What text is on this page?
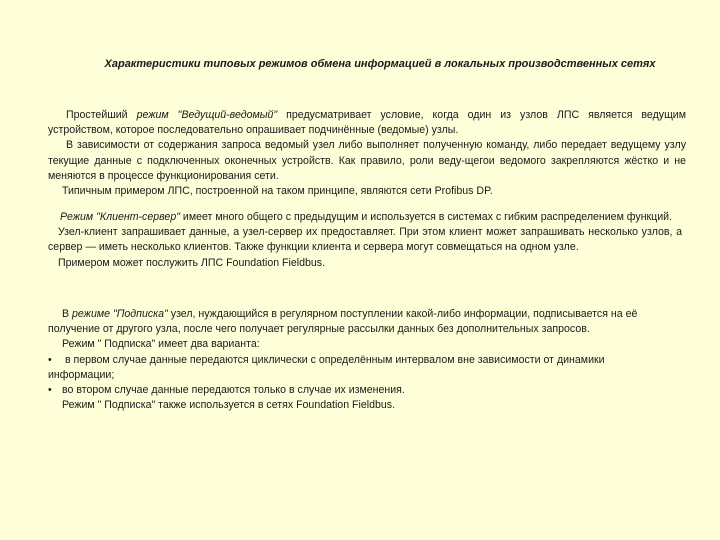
Характеристики типовых режимов обмена информацией в локальных производственных сетях

Простейший режим "Ведущий-ведомый" предусматривает условие, когда один из узлов ЛПС является ведущим устройством, которое последовательно опрашивает подчинённые (ведомые) узлы.

В зависимости от содержания запроса ведомый узел либо выполняет полученную команду, либо передает ведущему узлу текущие данные с подключенных оконечных устройств. Как правило, роли веду-щегои ведомого закрепляются жёстко и не меняются в процессе функционирования сети.

Типичным примером ЛПС, построенной на таком принципе, являются сети Profibus DP.

Режим "Клиент-сервер" имеет много общего с предыдущим и используется в системах с гибким распределением функций.

Узел-клиент запрашивает данные, а узел-сервер их предоставляет. При этом клиент может запрашивать несколько узлов, а сервер — иметь несколько клиентов. Также функции клиента и сервера могут совмещаться на одном узле.

Примером может послужить ЛПС Foundation Fieldbus.

В режиме "Подписка" узел, нуждающийся в регулярном поступлении какой-либо информации, подписывается на её получение от другого узла, после чего получает регулярные рассылки данных без дополнительных запросов.

Режим " Подписка" имеет два варианта:

• в первом случае данные передаются циклически с определённым интервалом вне зависимости от динамики информации;
• во втором случае данные передаются только в случае их изменения.

Режим " Подписка" также используется в сетях Foundation Fieldbus.
